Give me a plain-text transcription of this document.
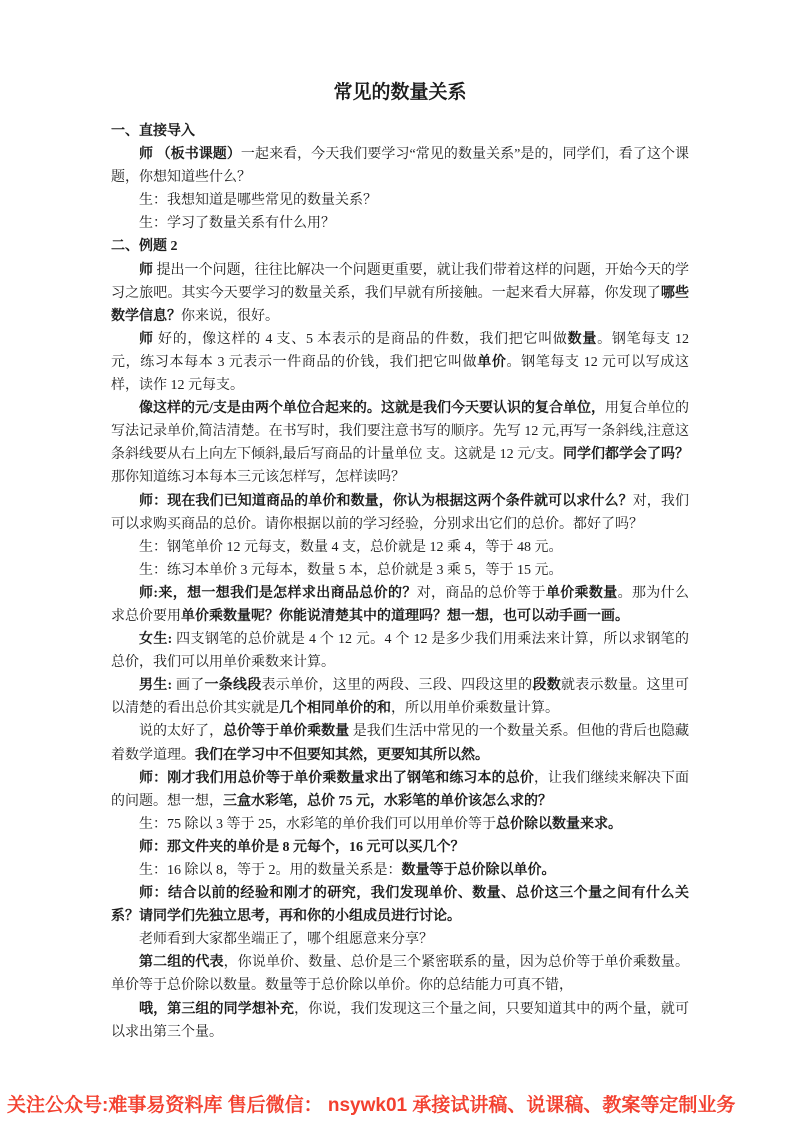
常见的数量关系

一、直接导入

师 （板书课题）一起来看，今天我们要学习“常见的数量关系”是的，同学们，看了这个课题，你想知道些什么？

生：我想知道是哪些常见的数量关系？

生：学习了数量关系有什么用？

二、例题 2

师 提出一个问题，往往比解决一个问题更重要，就让我们带着这样的问题，开始今天的学习之旅吧。其实今天要学习的数量关系，我们早就有所接触。一起来看大屏幕，你发现了哪些数学信息？你来说，很好。

师 好的，像这样的 4 支、5 本表示的是商品的件数，我们把它叫做数量。钢笔每支 12 元，练习本每本 3 元表示一件商品的价钱，我们把它叫做单价。钢笔每支 12 元可以写成这样，读作 12 元每支。

像这样的元/支是由两个单位合起来的。这就是我们今天要认识的复合单位，用复合单位的写法记录单价,简洁清楚。在书写时，我们要注意书写的顺序。先写 12 元,再写一条斜线,注意这条斜线要从右上向左下倾斜,最后写商品的计量单位 支。这就是 12 元/支。同学们都学会了吗？那你知道练习本每本三元该怎样写，怎样读吗？

师：现在我们已知道商品的单价和数量，你认为根据这两个条件就可以求什么？对，我们可以求购买商品的总价。请你根据以前的学习经验，分别求出它们的总价。都好了吗？

生：钢笔单价 12 元每支，数量 4 支，总价就是 12 乘 4，等于 48 元。

生：练习本单价 3 元每本，数量 5 本，总价就是 3 乘 5，等于 15 元。

师:来，想一想我们是怎样求出商品总价的？对，商品的总价等于单价乘数量。那为什么求总价要用单价乘数量呢？你能说清楚其中的道理吗？想一想，也可以动手画一画。

女生: 四支钢笔的总价就是 4 个 12 元。4 个 12 是多少我们用乘法来计算，所以求钢笔的总价，我们可以用单价乘数来计算。

男生: 画了一条线段表示单价，这里的两段、三段、四段这里的段数就表示数量。这里可以清楚的看出总价其实就是几个相同单价的和，所以用单价乘数量计算。

说的太好了，总价等于单价乘数量 是我们生活中常见的一个数量关系。但他的背后也隐藏着数学道理。我们在学习中不但要知其然，更要知其所以然。

师：刚才我们用总价等于单价乘数量求出了钢笔和练习本的总价，让我们继续来解决下面的问题。想一想，三盒水彩笔，总价 75 元，水彩笔的单价该怎么求的？

生：75 除以 3 等于 25，水彩笔的单价我们可以用单价等于总价除以数量来求。

师：那文件夹的单价是 8 元每个，16 元可以买几个？

生：16 除以 8，等于 2。用的数量关系是：数量等于总价除以单价。

师：结合以前的经验和刚才的研究，我们发现单价、数量、总价这三个量之间有什么关系？请同学们先独立思考，再和你的小组成员进行讨论。

老师看到大家都坐端正了，哪个组愿意来分享？

第二组的代表，你说单价、数量、总价是三个紧密联系的量，因为总价等于单价乘数量。单价等于总价除以数量。数量等于总价除以单价。你的总结能力可真不错，

哦，第三组的同学想补充，你说，我们发现这三个量之间，只要知道其中的两个量，就可以求出第三个量。

关注公众号:难事易资料库 售后微信： nsywk01 承接试讲稿、说课稿、教案等定制业务
